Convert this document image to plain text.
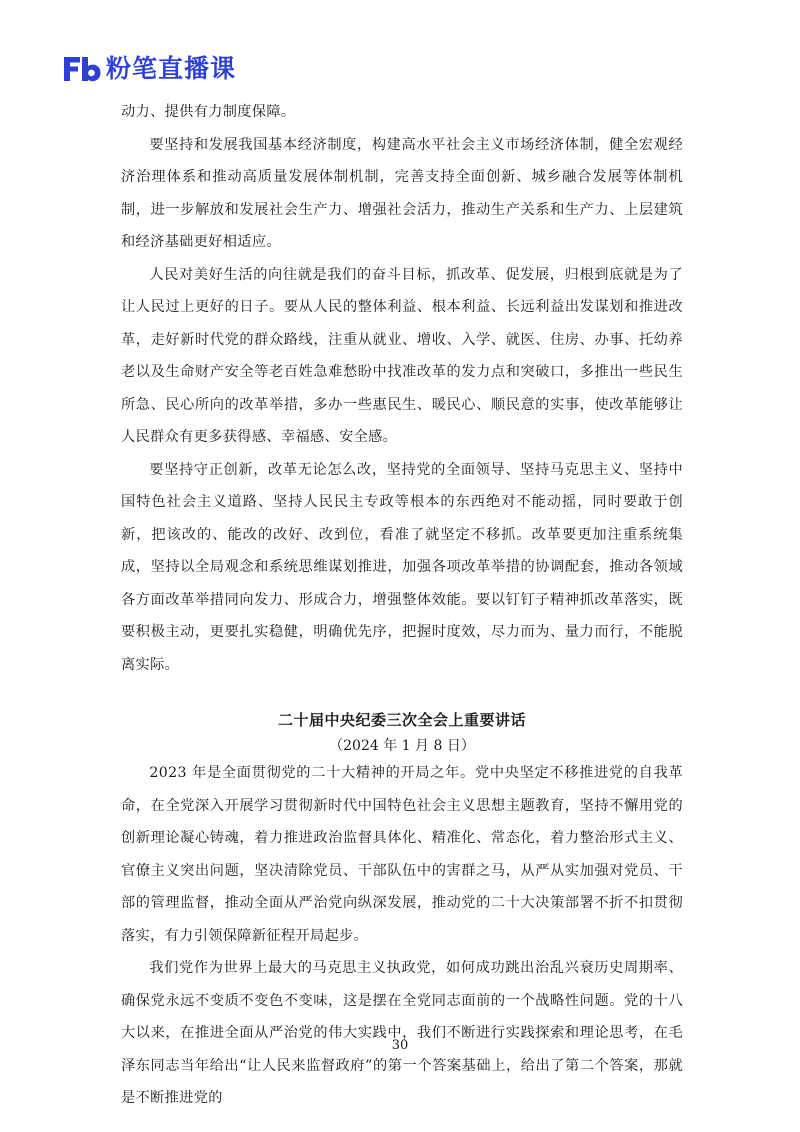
粉笔直播课

动力、提供有力制度保障。

要坚持和发展我国基本经济制度，构建高水平社会主义市场经济体制，健全宏观经济治理体系和推动高质量发展体制机制，完善支持全面创新、城乡融合发展等体制机制，进一步解放和发展社会生产力、增强社会活力，推动生产关系和生产力、上层建筑和经济基础更好相适应。

人民对美好生活的向往就是我们的奋斗目标，抓改革、促发展，归根到底就是为了让人民过上更好的日子。要从人民的整体利益、根本利益、长远利益出发谋划和推进改革，走好新时代党的群众路线，注重从就业、增收、入学、就医、住房、办事、托幼养老以及生命财产安全等老百姓急难愁盼中找准改革的发力点和突破口，多推出一些民生所急、民心所向的改革举措，多办一些惠民生、暖民心、顺民意的实事，使改革能够让人民群众有更多获得感、幸福感、安全感。

要坚持守正创新，改革无论怎么改，坚持党的全面领导、坚持马克思主义、坚持中国特色社会主义道路、坚持人民民主专政等根本的东西绝对不能动摇，同时要敢于创新，把该改的、能改的改好、改到位，看准了就坚定不移抓。改革要更加注重系统集成，坚持以全局观念和系统思维谋划推进，加强各项改革举措的协调配套，推动各领域各方面改革举措同向发力、形成合力，增强整体效能。要以钉钉子精神抓改革落实，既要积极主动，更要扎实稳健，明确优先序，把握时度效，尽力而为、量力而行，不能脱离实际。

二十届中央纪委三次全会上重要讲话

（2024 年 1 月 8 日）

2023 年是全面贯彻党的二十大精神的开局之年。党中央坚定不移推进党的自我革命，在全党深入开展学习贯彻新时代中国特色社会主义思想主题教育，坚持不懈用党的创新理论凝心铸魂，着力推进政治监督具体化、精准化、常态化，着力整治形式主义、官僚主义突出问题，坚决清除党员、干部队伍中的害群之马，从严从实加强对党员、干部的管理监督，推动全面从严治党向纵深发展，推动党的二十大决策部署不折不扣贯彻落实，有力引领保障新征程开局起步。

我们党作为世界上最大的马克思主义执政党，如何成功跳出治乱兴衰历史周期率、确保党永远不变质不变色不变味，这是摆在全党同志面前的一个战略性问题。党的十八大以来，在推进全面从严治党的伟大实践中，我们不断进行实践探索和理论思考，在毛泽东同志当年给出“让人民来监督政府”的第一个答案基础上，给出了第二个答案，那就是不断推进党的

30
